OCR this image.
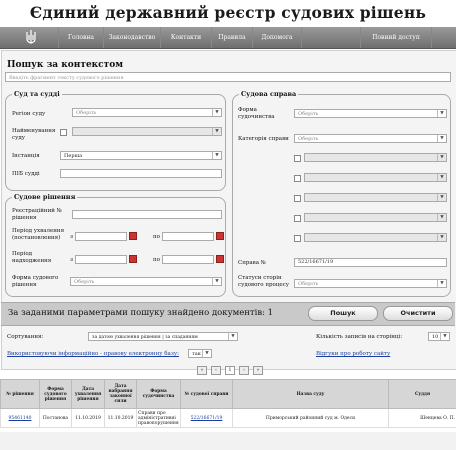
Єдиний державний реєстр судових рішень
Головна	Законодавство	Контакти	Правила	Допомога	Повний доступ
Пошук за контекстом
Введіть фрагмент тексту судового рішення
Суд та судді
Регіон суду	Оберіть	▼
Найменування суду
▼
Інстанція	Перша	▼
ПІБ судді
Судове рішення
Реєстраційний № рішення
Період ухвалення (постановлення)	з	по
Період надходження	з	по
Форма судового рішення	Оберіть	▼
Судова справа
Форма судочинства	Оберіть	▼
Категорія справи	Оберіть	▼
▼
▼
▼
▼
▼
Справа №	522/16671/19
Статуси сторін судового процесу	Оберіть	▼
За заданими параметрами пошуку знайдено документів: 1	Пошук	Очистити
Сортування:	за датою ухвалення рішення | за спаданням	▼	Кількість записів на сторінці:	10	▼
Використовуючи інформаційно - правову електронну базу:	так ▼	Відгуки про роботу сайту
«	‹	1	›	»
№ рішення	Форма судового рішення	Дата ухвалення рішення	Дата набрання законної сили	Форма судочинства	№ судової справи	Назва суду	Суддя
95461140	Постанова	11.10.2019	11.10.2019	Справи про адміністративні правопорушення	522/16671/19	Приморський районний суд м. Одеси	Шенцева О. П.
